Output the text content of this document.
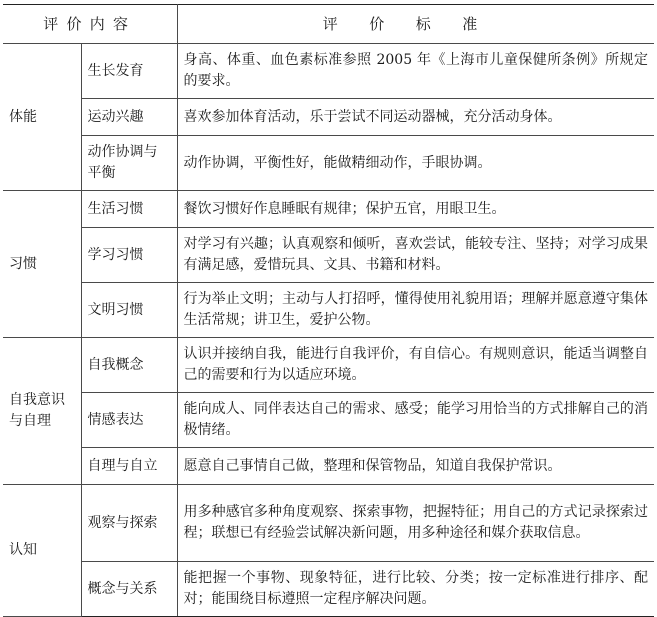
评价内容		评价标准
体能	生长发育	身高、体重、血色素标准参照 2005 年《上海市儿童保健所条例》所规定的要求。
	运动兴趣	喜欢参加体育活动，乐于尝试不同运动器械，充分活动身体。
	动作协调与平衡	动作协调，平衡性好，能做精细动作，手眼协调。
习惯	生活习惯	餐饮习惯好作息睡眠有规律；保护五官，用眼卫生。
	学习习惯	对学习有兴趣；认真观察和倾听，喜欢尝试，能较专注、坚持；对学习成果有满足感，爱惜玩具、文具、书籍和材料。
	文明习惯	行为举止文明；主动与人打招呼，懂得使用礼貌用语；理解并愿意遵守集体生活常规；讲卫生，爱护公物。
自我意识与自理	自我概念	认识并接纳自我，能进行自我评价，有自信心。有规则意识，能适当调整自己的需要和行为以适应环境。
	情感表达	能向成人、同伴表达自己的需求、感受；能学习用恰当的方式排解自己的消极情绪。
	自理与自立	愿意自己事情自己做，整理和保管物品，知道自我保护常识。
认知	观察与探索	用多种感官多种角度观察、探索事物，把握特征；用自己的方式记录探索过程；联想已有经验尝试解决新问题，用多种途径和媒介获取信息。
	概念与关系	能把握一个事物、现象特征，进行比较、分类；按一定标准进行排序、配对；能围绕目标遵照一定程序解决问题。
